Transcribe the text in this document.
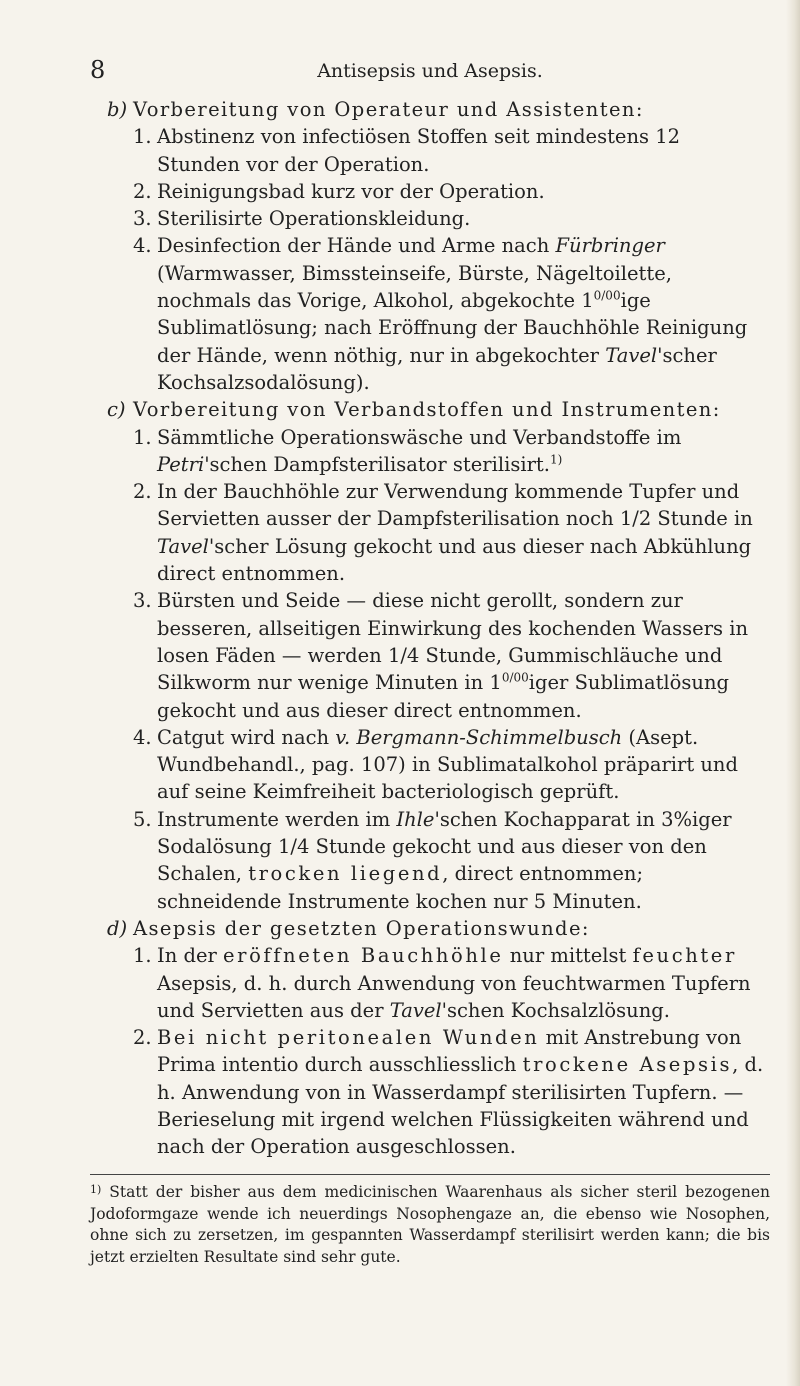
8	Antisepsis und Asepsis.
b) Vorbereitung von Operateur und Assistenten:
1. Abstinenz von infectiösen Stoffen seit mindestens 12 Stunden vor der Operation.
2. Reinigungsbad kurz vor der Operation.
3. Sterilisirte Operationskleidung.
4. Desinfection der Hände und Arme nach Fürbringer (Warmwasser, Bimssteinseife, Bürste, Nägeltoilette, nochmals das Vorige, Alkohol, abgekochte $1^{0/00}ige$ Sublimatlösung; nach Eröffnung der Bauchhöhle Reinigung der Hände, wenn nöthig, nur in abgekochter Tavel'scher Kochsalzsodalösung).
c) Vorbereitung von Verbandstoffen und Instrumenten:
1. Sämmtliche Operationswäsche und Verbandstoffe im Petri'schen Dampfsterilisator sterilisirt.$^{1)}$
2. In der Bauchhöhle zur Verwendung kommende Tupfer und Servietten ausser der Dampfsterilisation noch 1/2 Stunde in Tavel'scher Lösung gekocht und aus dieser nach Abkühlung direct entnommen.
3. Bürsten und Seide — diese nicht gerollt, sondern zur besseren, allseitigen Einwirkung des kochenden Wassers in losen Fäden — werden 1/4 Stunde, Gummischläuche und Silkworm nur wenige Minuten in $1^{0/00}iger$ Sublimatlösung gekocht und aus dieser direct entnommen.
4. Catgut wird nach v. Bergmann-Schimmelbusch (Asept. Wundbehandl., pag. 107) in Sublimatalkohol präparirt und auf seine Keimfreiheit bacteriologisch geprüft.
5. Instrumente werden im Ihle'schen Kochapparat in 3%iger Sodalösung 1/4 Stunde gekocht und aus dieser von den Schalen, trocken liegend, direct entnommen; schneidende Instrumente kochen nur 5 Minuten.
d) Asepsis der gesetzten Operationswunde:
1. In der eröffneten Bauchhöhle nur mittelst feuchter Asepsis, d. h. durch Anwendung von feuchtwarmen Tupfern und Servietten aus der Tavel'schen Kochsalzlösung.
2. Bei nicht peritonealen Wunden mit Anstrebung von Prima intentio durch ausschliesslich trockene Asepsis, d. h. Anwendung von in Wasserdampf sterilisirten Tupfern. — Berieselung mit irgend welchen Flüssigkeiten während und nach der Operation ausgeschlossen.
$^{1)}$ Statt der bisher aus dem medicinischen Waarenhaus als sicher steril bezogenen Jodoformgaze wende ich neuerdings Nosophengaze an, die ebenso wie Nosophen, ohne sich zu zersetzen, im gespannten Wasserdampf sterilisirt werden kann; die bis jetzt erzielten Resultate sind sehr gute.
